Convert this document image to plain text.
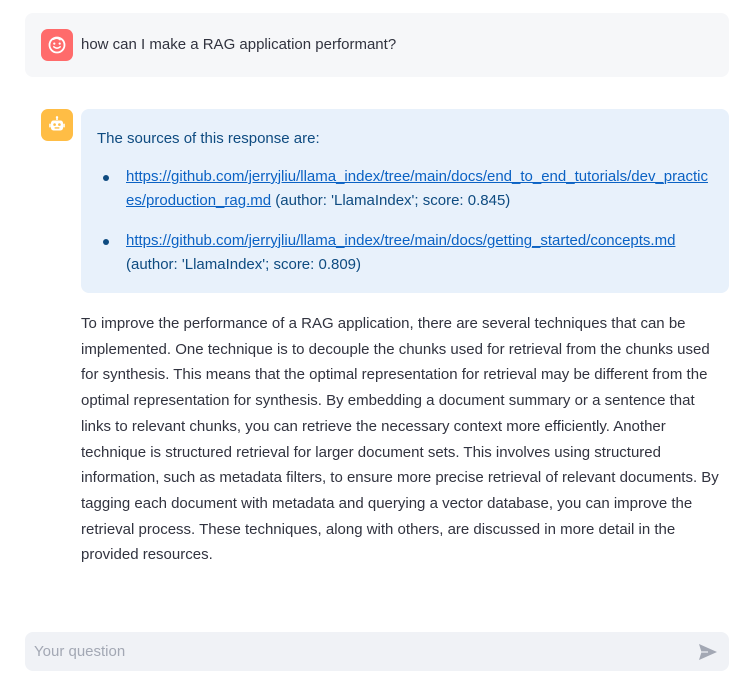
how can I make a RAG application performant?
The sources of this response are:
https://github.com/jerryjliu/llama_index/tree/main/docs/end_to_end_tutorials/dev_practices/production_rag.md (author: 'LlamaIndex'; score: 0.845)
https://github.com/jerryjliu/llama_index/tree/main/docs/getting_started/concepts.md (author: 'LlamaIndex'; score: 0.809)
To improve the performance of a RAG application, there are several techniques that can be implemented. One technique is to decouple the chunks used for retrieval from the chunks used for synthesis. This means that the optimal representation for retrieval may be different from the optimal representation for synthesis. By embedding a document summary or a sentence that links to relevant chunks, you can retrieve the necessary context more efficiently. Another technique is structured retrieval for larger document sets. This involves using structured information, such as metadata filters, to ensure more precise retrieval of relevant documents. By tagging each document with metadata and querying a vector database, you can improve the retrieval process. These techniques, along with others, are discussed in more detail in the provided resources.
Your question
